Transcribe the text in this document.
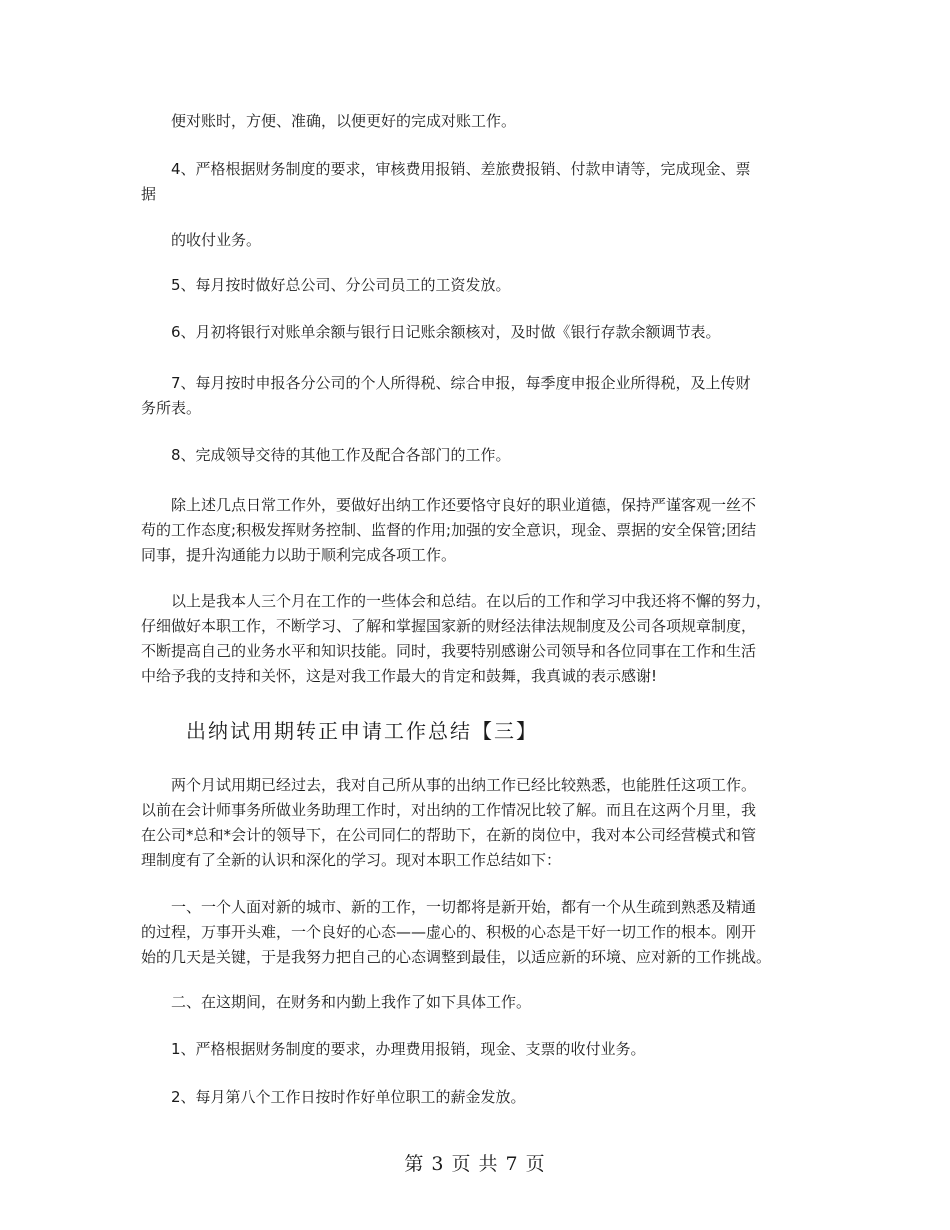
　　便对账时，方便、准确，以便更好的完成对账工作。
　　4、严格根据财务制度的要求，审核费用报销、差旅费报销、付款申请等，完成现金、票
据
　　的收付业务。
　　5、每月按时做好总公司、分公司员工的工资发放。
　　6、月初将银行对账单余额与银行日记账余额核对，及时做《银行存款余额调节表。
　　7、每月按时申报各分公司的个人所得税、综合申报，每季度申报企业所得税，及上传财
务所表。
　　8、完成领导交待的其他工作及配合各部门的工作。
　　除上述几点日常工作外，要做好出纳工作还要恪守良好的职业道德，保持严谨客观一丝不
苟的工作态度;积极发挥财务控制、监督的作用;加强的安全意识，现金、票据的安全保管;团结
同事，提升沟通能力以助于顺利完成各项工作。
　　以上是我本人三个月在工作的一些体会和总结。在以后的工作和学习中我还将不懈的努力，
仔细做好本职工作，不断学习、了解和掌握国家新的财经法律法规制度及公司各项规章制度，
不断提高自己的业务水平和知识技能。同时，我要特别感谢公司领导和各位同事在工作和生活
中给予我的支持和关怀，这是对我工作最大的肯定和鼓舞，我真诚的表示感谢!
出纳试用期转正申请工作总结【三】
　　两个月试用期已经过去，我对自己所从事的出纳工作已经比较熟悉，也能胜任这项工作。
以前在会计师事务所做业务助理工作时，对出纳的工作情况比较了解。而且在这两个月里，我
在公司*总和*会计的领导下，在公司同仁的帮助下，在新的岗位中，我对本公司经营模式和管
理制度有了全新的认识和深化的学习。现对本职工作总结如下：
　　一、一个人面对新的城市、新的工作，一切都将是新开始，都有一个从生疏到熟悉及精通
的过程，万事开头难，一个良好的心态——虚心的、积极的心态是干好一切工作的根本。刚开
始的几天是关键，于是我努力把自己的心态调整到最佳，以适应新的环境、应对新的工作挑战。
　　二、在这期间，在财务和内勤上我作了如下具体工作。
　　1、严格根据财务制度的要求，办理费用报销，现金、支票的收付业务。
　　2、每月第八个工作日按时作好单位职工的薪金发放。
第 3 页 共 7 页
